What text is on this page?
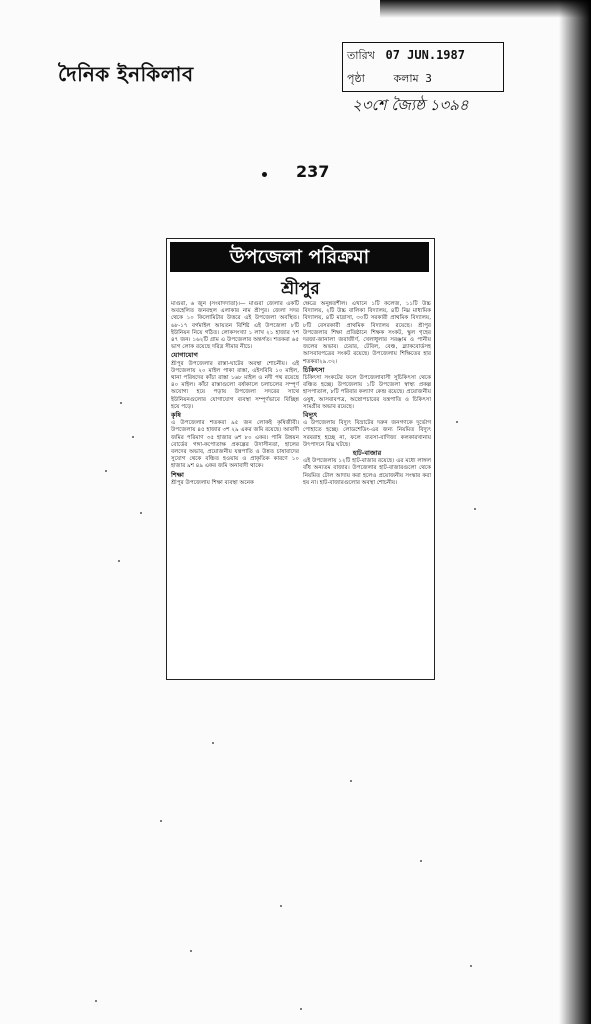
দৈনিক ইনকিলাব
তারিখ 07 JUN.1987
পৃষ্ঠা	কলাম 3
২৩শে জ্যৈষ্ঠ ১৩৯৪
237
উপজেলা পরিক্রমা
শ্রীপুর

মাগুরা, ৬ জুন (সংবাদদাতা)।— মাগুরা জেলার একটি অবহেলিত জনবহুল এলাকার নাম শ্রীপুর। জেলা সদর থেকে ১০ কিলোমিটার উত্তরে এই উপজেলা অবস্থিত। ৬৮-১৭ বর্গমাইল আয়তন বিশিষ্ট এই উপজেলা ৮টি ইউনিয়ন নিয়ে গঠিত। লোকসংখ্যা ১ লাখ ২১ হাজার ৭শ ৪৭ জন। ১৬২টি গ্রাম এ উপজেলার অন্তর্গত। শতকরা ৬৫ ভাগ লোক রয়েছে দরিদ্র সীমার নীচে।

যোগাযোগ

শ্রীপুর উপজেলার রাস্তা-ঘাটের অবস্থা শোচনীয়। এই উপজেলায় ২০ মাইল পাকা রাস্তা, এইসবিবি ১০ মাইল, থানা পরিষদের কাঁচা রাস্তা ১৬৮ মাইল ও নদী পথ রয়েছে ৪০ মাইল। কাঁচা রাস্তাগুলো বর্ষাকালে চলাচলের সম্পূর্ণ অযোগ্য হয়ে পড়ায় উপজেলা সদরের সাথে ইউনিয়নগুলোর যোগাযোগ ব্যবস্থা সম্পূর্ণভাবে বিচ্ছিন্ন হয়ে পড়ে।

কৃষি

এ উপজেলার শতকরা ৯৫ জন লোকই কৃষিজীবী। উপজেলায় ৪৫ হাজার ৩শ ২৯ একর জমি রয়েছে। আবাদী জমির পরিমাণ ৩৫ হাজার ৬শ ৮০ একর। পানি উন্নয়ন বোর্ডের গঙ্গা-কপোতাক্ষ প্রকল্পের উদাসীনতা, হালের বলদের অভাব, প্রয়োজনীয় যন্ত্রপাতি ও উন্নত চাষাবাদের সুযোগ থেকে বঞ্চিত হওয়ায় ও প্রাকৃতিক কারণে ১০ হাজার ৯শ ৪৯ একর জমি অনাবাদী থাকে।

শিক্ষা

শ্রীপুর উপজেলায় শিক্ষা ব্যবস্থা অনেক

ক্ষেত্রে অনুন্নতশীল। এখানে ১টি কলেজ, ১১টি উচ্চ বিদ্যালয়, ২টি উচ্চ বালিকা বিদ্যালয়, ৪টি নিম্ন মাধ্যমিক বিদ্যালয়, ৪টি মাদ্রাসা, ৩০টি সরকারী প্রাথমিক বিদ্যালয়, ৮টি বেসরকারী প্রাথমিক বিদ্যালয় রয়েছে। শ্রীপুর উপজেলার শিক্ষা প্রতিষ্ঠানে শিক্ষক সংকট, স্কুল গৃহের দরজা-জানালা জরাজীর্ণ, খেলাধুলার সরঞ্জাম ও পানীয় জলের অভাব। চেয়ার, টেবিল, বেঞ্চ, ব্ল্যাকবোর্ডসহ আসবাবপত্রের সংকট রয়েছে। উপজেলায় শিক্ষিতের হার শতকরা২৯.৩২।

চিকিৎসা

চিকিৎসা সংকটের ফলে উপজেলাবাসী সুচিকিৎসা থেকে বঞ্চিত হচ্ছে। উপজেলায় ১টি উপজেলা স্বাস্থ্য প্রকল্প হাসপাতাল, ৮টি পরিবার কল্যাণ কেন্দ্র রয়েছে। প্রয়োজনীয় ওষুধ, আসবাবপত্র, অস্ত্রোপচারের যন্ত্রপাতি ও চিকিৎসা সামগ্রীর অভাব রয়েছে।

বিদ্যুৎ

এ উপজেলায় বিদ্যুৎ বিভ্রাটের দরুন জনগণকে দুর্ভোগ পোহাতে হচ্ছে। লোডশেডিং-এর জন্য নিয়মিত বিদ্যুৎ সরবরাহ হচ্ছে না, ফলে ব্যবসা-বাণিজ্য কলকারখানায় উৎপাদনে বিঘ্ন ঘটছে।

হাট-বাজার

এই উপজেলায় ১২টি হাট-বাজার রয়েছে। এর মধ্যে লাঙ্গল বাঁধ অন্যতম বাজার। উপজেলার হাট-বাজারগুলো থেকে নিয়মিত টোল আদায় করা হলেও প্রয়োজনীয় সংস্কার করা হয় না। হাট-বাজারগুলোর অবস্থা শোচনীয়।
